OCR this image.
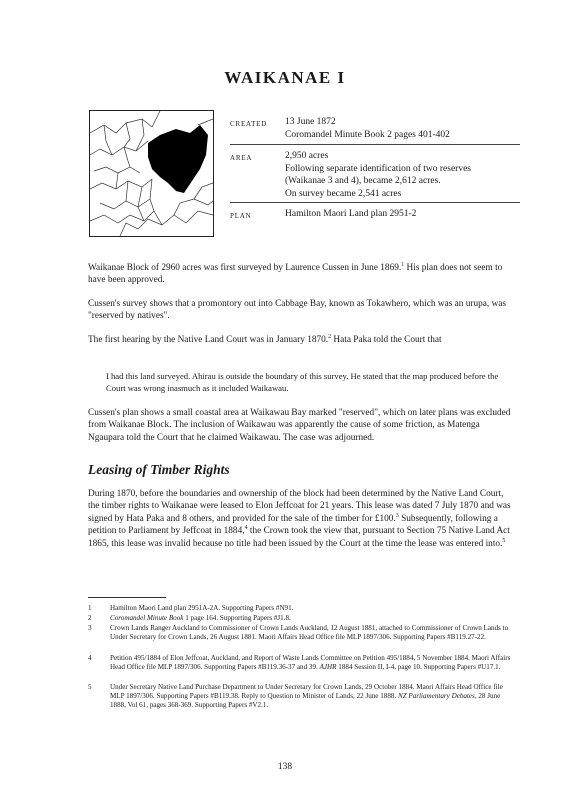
WAIKANAE I
CREATED	13 June 1872
Coromandel Minute Book 2 pages 401-402
AREA	2,950 acres
Following separate identification of two reserves
(Waikanae 3 and 4), became 2,612 acres.
On survey became 2,541 acres
PLAN	Hamilton Maori Land plan 2951-2

Waikanae Block of 2960 acres was first surveyed by Laurence Cussen in June 1869.$^1$ His plan does not seem to have been approved.

Cussen's survey shows that a promontory out into Cabbage Bay, known as Tokawhero, which was an urupa, was "reserved by natives".

The first hearing by the Native Land Court was in January 1870.$^2$ Hata Paka told the Court that

I had this land surveyed. Ahirau is outside the boundary of this survey. He stated that the map produced before the Court was wrong inasmuch as it included Waikawau.

Cussen's plan shows a small coastal area at Waikawau Bay marked "reserved", which on later plans was excluded from Waikanae Block. The inclusion of Waikawau was apparently the cause of some friction, as Matenga Ngaupara told the Court that he claimed Waikawau. The case was adjourned.

Leasing of Timber Rights

During 1870, before the boundaries and ownership of the block had been determined by the Native Land Court, the timber rights to Waikanae were leased to Elon Jeffcoat for 21 years. This lease was dated 7 July 1870 and was signed by Hata Paka and 8 others, and provided for the sale of the timber for £100.$^3$ Subsequently, following a petition to Parliament by Jeffcoat in 1884,$^4$ the Crown took the view that, pursuant to Section 75 Native Land Act 1865, this lease was invalid because no title had been issued by the Court at the time the lease was entered into.$^5$

1	Hamilton Maori Land plan 2951A-2A. Supporting Papers #N91.
2	Coromandel Minute Book 1 page 164. Supporting Papers #J1.8.
3	Crown Lands Ranger Auckland to Commissioner of Crown Lands Auckland, 12 August 1881, attached to Commissioner of Crown Lands to Under Secretary for Crown Lands, 26 August 1881. Maori Affairs Head Office file MLP 1897/306. Supporting Papers #B119.27-22.
4	Petition 495/1884 of Elon Jeffcoat, Auckland, and Report of Waste Lands Committee on Petition 495/1884, 5 November 1884. Maori Affairs Head Office file MLP 1897/306. Supporting Papers #B119.36-37 and 39. AJHR 1884 Session II, I-4, page 10. Supporting Papers #U17.1.
5	Under Secretary Native Land Purchase Department to Under Secretary for Crown Lands, 29 October 1884. Maori Affairs Head Office file MLP 1897/306. Supporting Papers #B119.38. Reply to Question to Minister of Lands, 22 June 1888. NZ Parliamentary Debates, 28 June 1888, Vol 61, pages 368-369. Supporting Papers #V2.1.
138
